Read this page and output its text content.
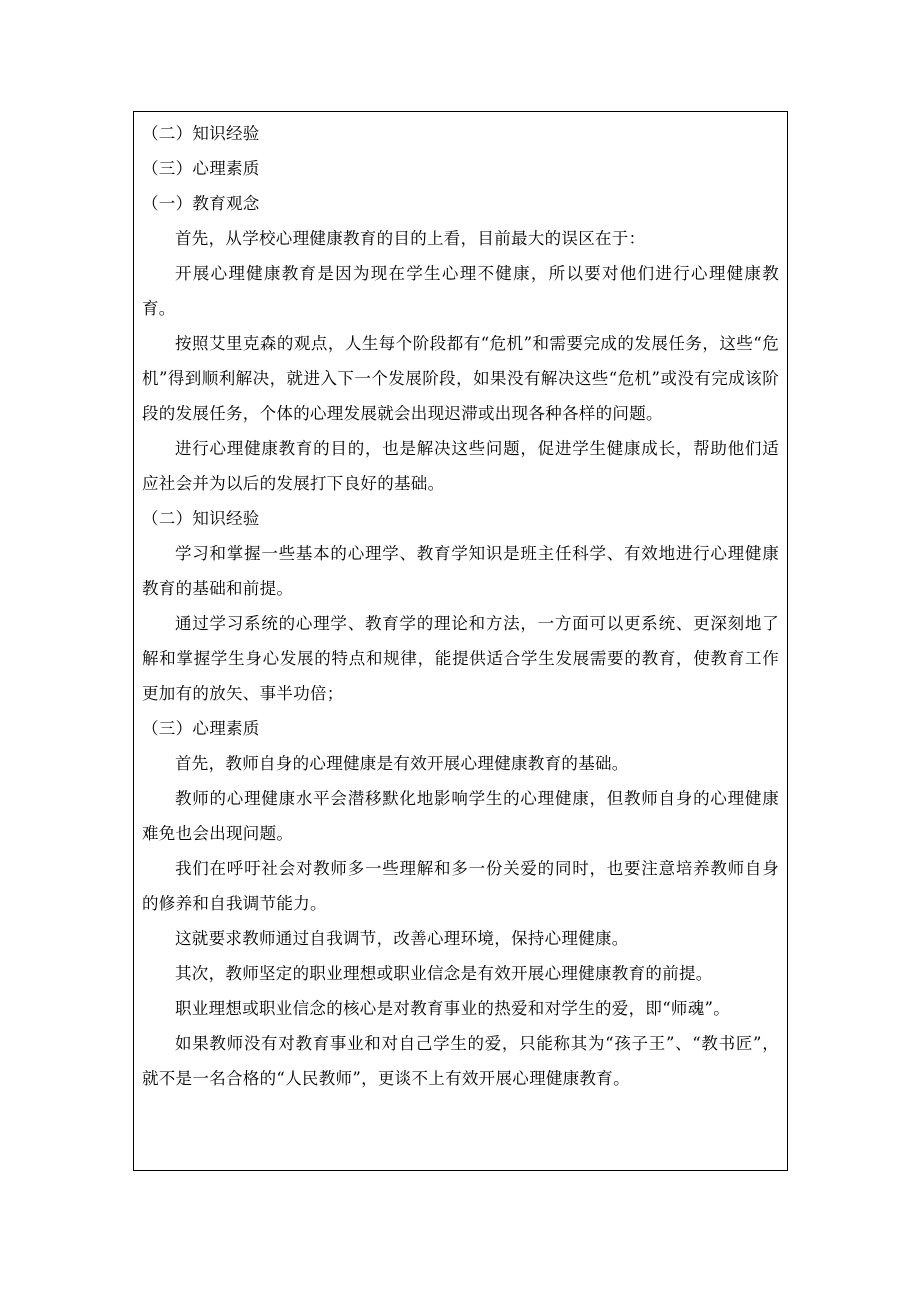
（二）知识经验
（三）心理素质
（一）教育观念
首先，从学校心理健康教育的目的上看，目前最大的误区在于：
开展心理健康教育是因为现在学生心理不健康，所以要对他们进行心理健康教育。
按照艾里克森的观点，人生每个阶段都有“危机”和需要完成的发展任务，这些“危机”得到顺利解决，就进入下一个发展阶段，如果没有解决这些“危机”或没有完成该阶段的发展任务，个体的心理发展就会出现迟滞或出现各种各样的问题。
进行心理健康教育的目的，也是解决这些问题，促进学生健康成长，帮助他们适应社会并为以后的发展打下良好的基础。
（二）知识经验
学习和掌握一些基本的心理学、教育学知识是班主任科学、有效地进行心理健康教育的基础和前提。
通过学习系统的心理学、教育学的理论和方法，一方面可以更系统、更深刻地了解和掌握学生身心发展的特点和规律，能提供适合学生发展需要的教育，使教育工作更加有的放矢、事半功倍；
（三）心理素质
首先，教师自身的心理健康是有效开展心理健康教育的基础。
教师的心理健康水平会潜移默化地影响学生的心理健康，但教师自身的心理健康难免也会出现问题。
我们在呼吁社会对教师多一些理解和多一份关爱的同时，也要注意培养教师自身的修养和自我调节能力。
这就要求教师通过自我调节，改善心理环境，保持心理健康。
其次，教师坚定的职业理想或职业信念是有效开展心理健康教育的前提。
职业理想或职业信念的核心是对教育事业的热爱和对学生的爱，即“师魂”。
如果教师没有对教育事业和对自己学生的爱，只能称其为“孩子王”、“教书匠”，就不是一名合格的“人民教师”，更谈不上有效开展心理健康教育。
